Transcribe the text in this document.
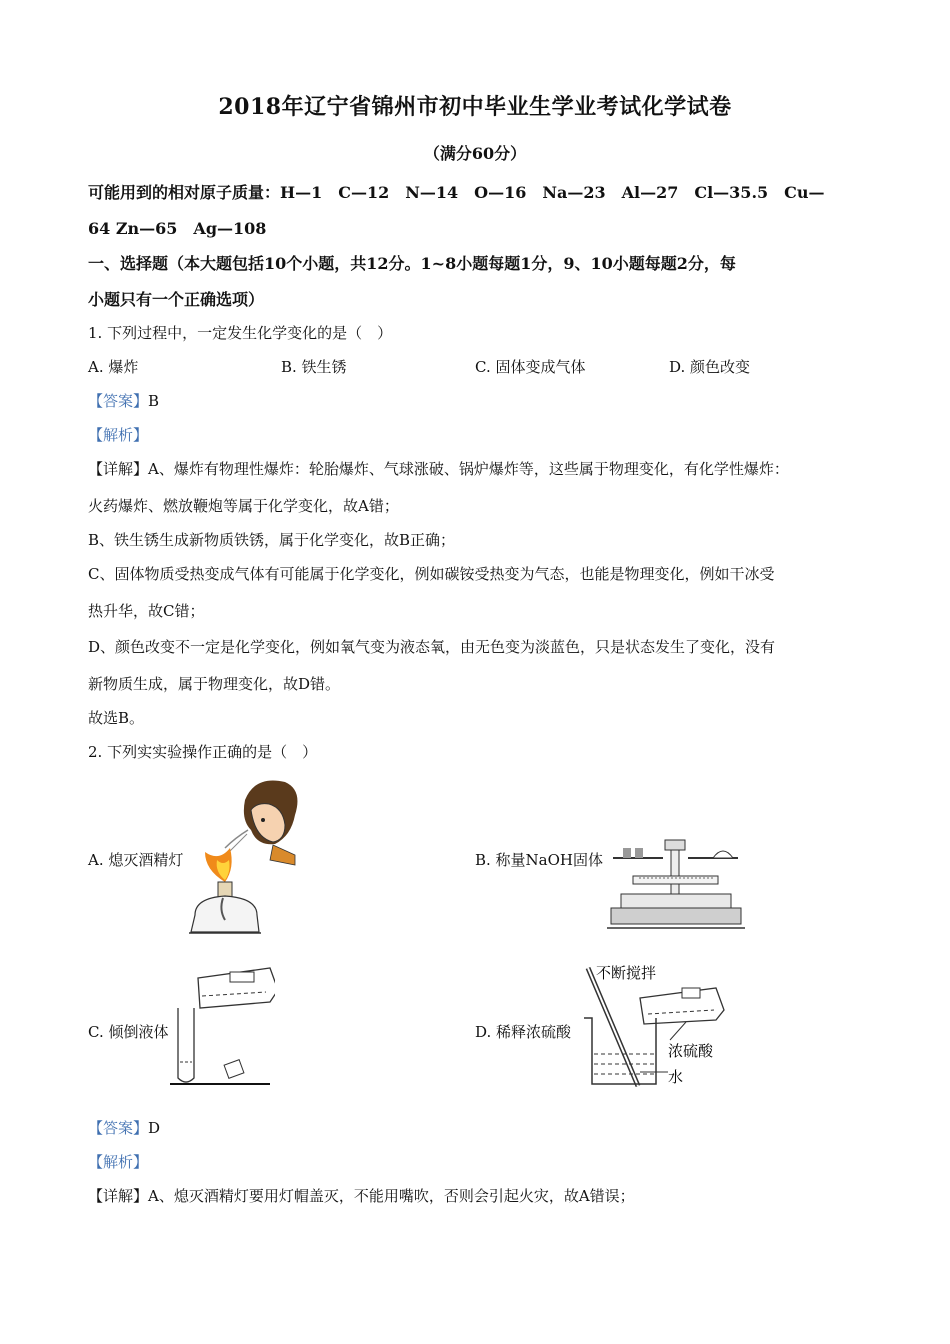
2018年辽宁省锦州市初中毕业生学业考试化学试卷
（满分60分）
可能用到的相对原子质量：H—1　C—12　N—14　O—16　Na—23　Al—27　Cl—35.5　Cu—
64 Zn—65　Ag—108
一、选择题（本大题包括10个小题，共12分。1~8小题每题1分，9、10小题每题2分，每
小题只有一个正确选项）
1. 下列过程中，一定发生化学变化的是（　）
A. 爆炸	B. 铁生锈	C. 固体变成气体	D. 颜色改变
【答案】B
【解析】
【详解】A、爆炸有物理性爆炸：轮胎爆炸、气球涨破、锅炉爆炸等，这些属于物理变化，有化学性爆炸：
火药爆炸、燃放鞭炮等属于化学变化，故A错；
B、铁生锈生成新物质铁锈，属于化学变化，故B正确；
C、固体物质受热变成气体有可能属于化学变化，例如碳铵受热变为气态，也能是物理变化，例如干冰受
热升华，故C错；
D、颜色改变不一定是化学变化，例如氧气变为液态氧，由无色变为淡蓝色，只是状态发生了变化，没有
新物质生成，属于物理变化，故D错。
故选B。
2. 下列实实验操作正确的是（　）
A. 熄灭酒精灯	B. 称量NaOH固体
C. 倾倒液体	D. 稀释浓硫酸
不断搅拌
浓硫酸
水
【答案】D
【解析】
【详解】A、熄灭酒精灯要用灯帽盖灭，不能用嘴吹，否则会引起火灾，故A错误；
